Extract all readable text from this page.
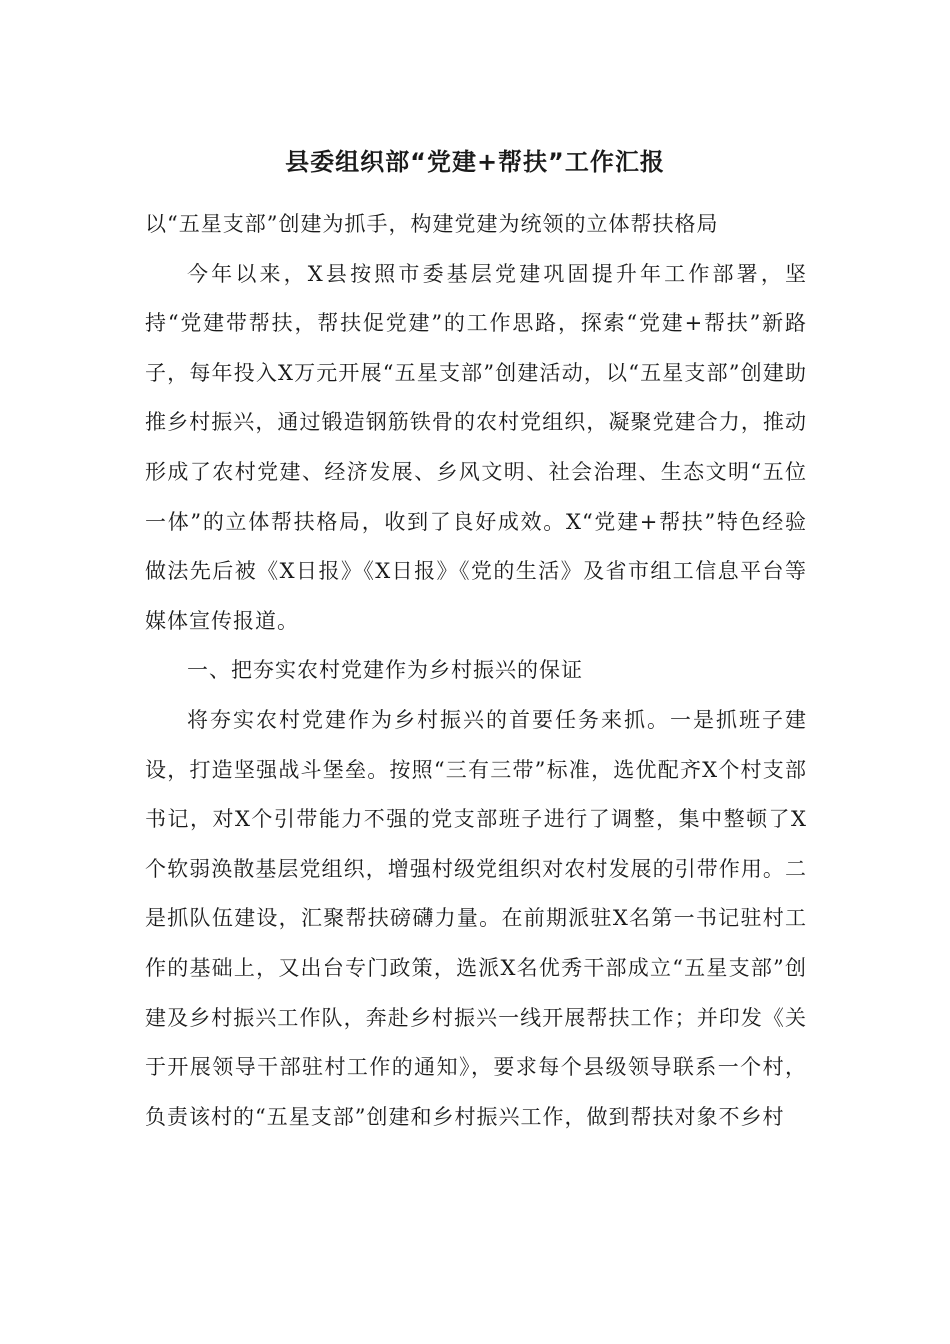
县委组织部“党建+帮扶”工作汇报

以“五星支部”创建为抓手，构建党建为统领的立体帮扶格局

今年以来，X县按照市委基层党建巩固提升年工作部署，坚持“党建带帮扶，帮扶促党建”的工作思路，探索“党建+帮扶”新路子，每年投入X万元开展“五星支部”创建活动，以“五星支部”创建助推乡村振兴，通过锻造钢筋铁骨的农村党组织，凝聚党建合力，推动形成了农村党建、经济发展、乡风文明、社会治理、生态文明“五位一体”的立体帮扶格局，收到了良好成效。X“党建+帮扶”特色经验做法先后被《X日报》《X日报》《党的生活》及省市组工信息平台等媒体宣传报道。

一、把夯实农村党建作为乡村振兴的保证

将夯实农村党建作为乡村振兴的首要任务来抓。一是抓班子建设，打造坚强战斗堡垒。按照“三有三带”标准，选优配齐X个村支部书记，对X个引带能力不强的党支部班子进行了调整，集中整顿了X个软弱涣散基层党组织，增强村级党组织对农村发展的引带作用。二是抓队伍建设，汇聚帮扶磅礴力量。在前期派驻X名第一书记驻村工作的基础上，又出台专门政策，选派X名优秀干部成立“五星支部”创建及乡村振兴工作队，奔赴乡村振兴一线开展帮扶工作；并印发《关于开展领导干部驻村工作的通知》，要求每个县级领导联系一个村，负责该村的“五星支部”创建和乡村振兴工作，做到帮扶对象不乡村
